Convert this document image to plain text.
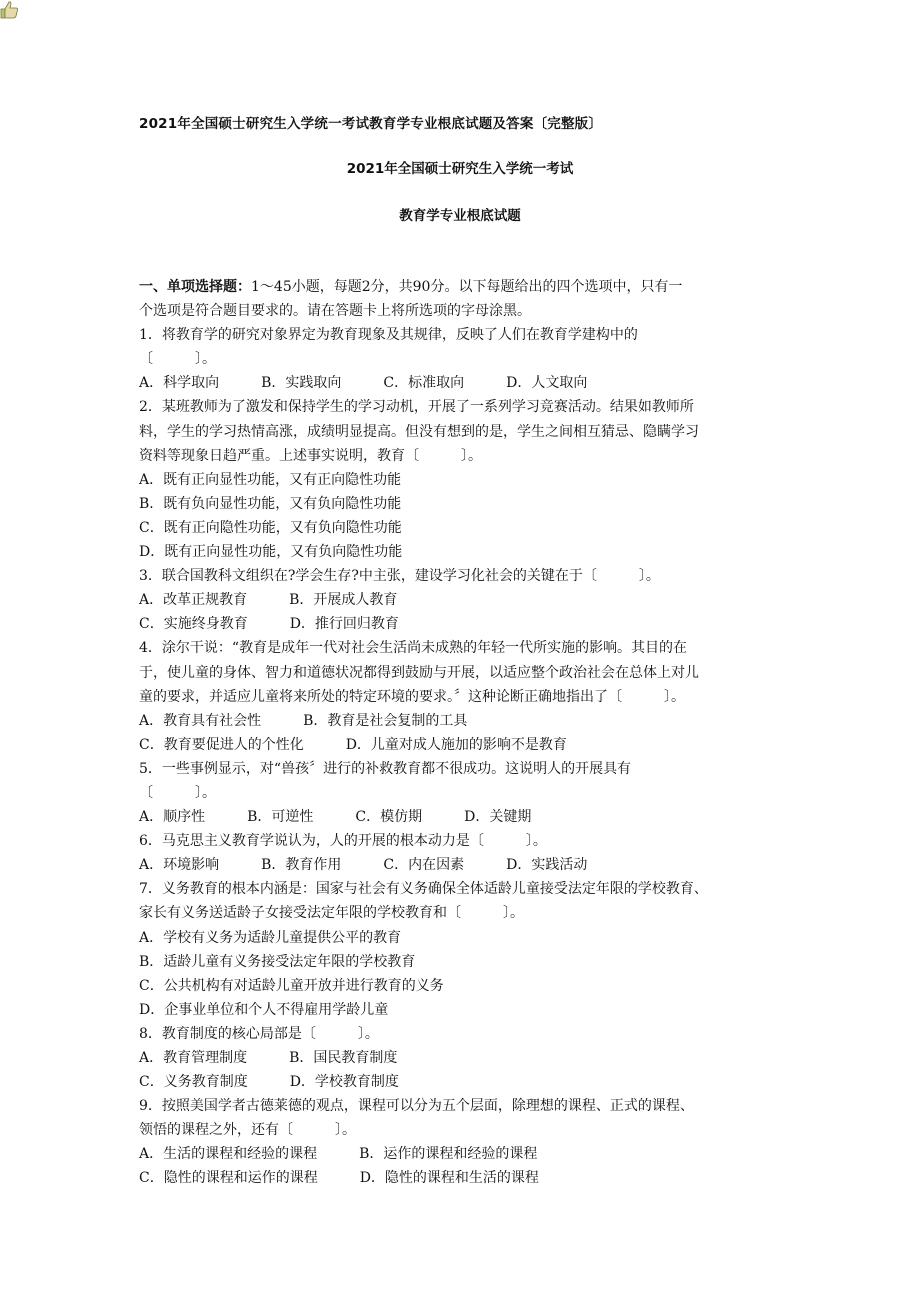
2021年全国硕士研究生入学统一考试教育学专业根底试题及答案〔完整版〕
2021年全国硕士研究生入学统一考试
教育学专业根底试题
一、单项选择题：1～45小题，每题2分，共90分。以下每题给出的四个选项中，只有一
个选项是符合题目要求的。请在答题卡上将所选项的字母涂黑。
1．将教育学的研究对象界定为教育现象及其规律，反映了人们在教育学建构中的
〔　　　〕。
A．科学取向　　　B．实践取向　　　C．标准取向　　　D．人文取向
2．某班教师为了激发和保持学生的学习动机，开展了一系列学习竞赛活动。结果如教师所
料，学生的学习热情高涨，成绩明显提高。但没有想到的是，学生之间相互猜忌、隐瞒学习
资料等现象日趋严重。上述事实说明，教育〔　　　〕。
A．既有正向显性功能，又有正向隐性功能
B．既有负向显性功能，又有负向隐性功能
C．既有正向隐性功能，又有负向隐性功能
D．既有正向显性功能，又有负向隐性功能
3．联合国教科文组织在?学会生存?中主张，建设学习化社会的关键在于〔　　　〕。
A．改革正规教育　　　B．开展成人教育
C．实施终身教育　　　D．推行回归教育
4．涂尔干说：“教育是成年一代对社会生活尚未成熟的年轻一代所实施的影响。其目的在
于，使儿童的身体、智力和道德状况都得到鼓励与开展，以适应整个政治社会在总体上对儿
童的要求，并适应儿童将来所处的特定环境的要求。〞这种论断正确地指出了〔　　　〕。
A．教育具有社会性　　　B．教育是社会复制的工具
C．教育要促进人的个性化　　　D．儿童对成人施加的影响不是教育
5．一些事例显示，对“兽孩〞进行的补救教育都不很成功。这说明人的开展具有
〔　　　〕。
A．顺序性　　　B．可逆性　　　C．模仿期　　　D．关键期
6．马克思主义教育学说认为，人的开展的根本动力是〔　　　〕。
A．环境影响　　　B．教育作用　　　C．内在因素　　　D．实践活动
7．义务教育的根本内涵是：国家与社会有义务确保全体适龄儿童接受法定年限的学校教育、
家长有义务送适龄子女接受法定年限的学校教育和〔　　　〕。
A．学校有义务为适龄儿童提供公平的教育
B．适龄儿童有义务接受法定年限的学校教育
C．公共机构有对适龄儿童开放并进行教育的义务
D．企事业单位和个人不得雇用学龄儿童
8．教育制度的核心局部是〔　　　〕。
A．教育管理制度　　　B．国民教育制度
C．义务教育制度　　　D．学校教育制度
9．按照美国学者古德莱德的观点，课程可以分为五个层面，除理想的课程、正式的课程、
领悟的课程之外，还有〔　　　〕。
A．生活的课程和经验的课程　　　B．运作的课程和经验的课程
C．隐性的课程和运作的课程　　　D．隐性的课程和生活的课程
